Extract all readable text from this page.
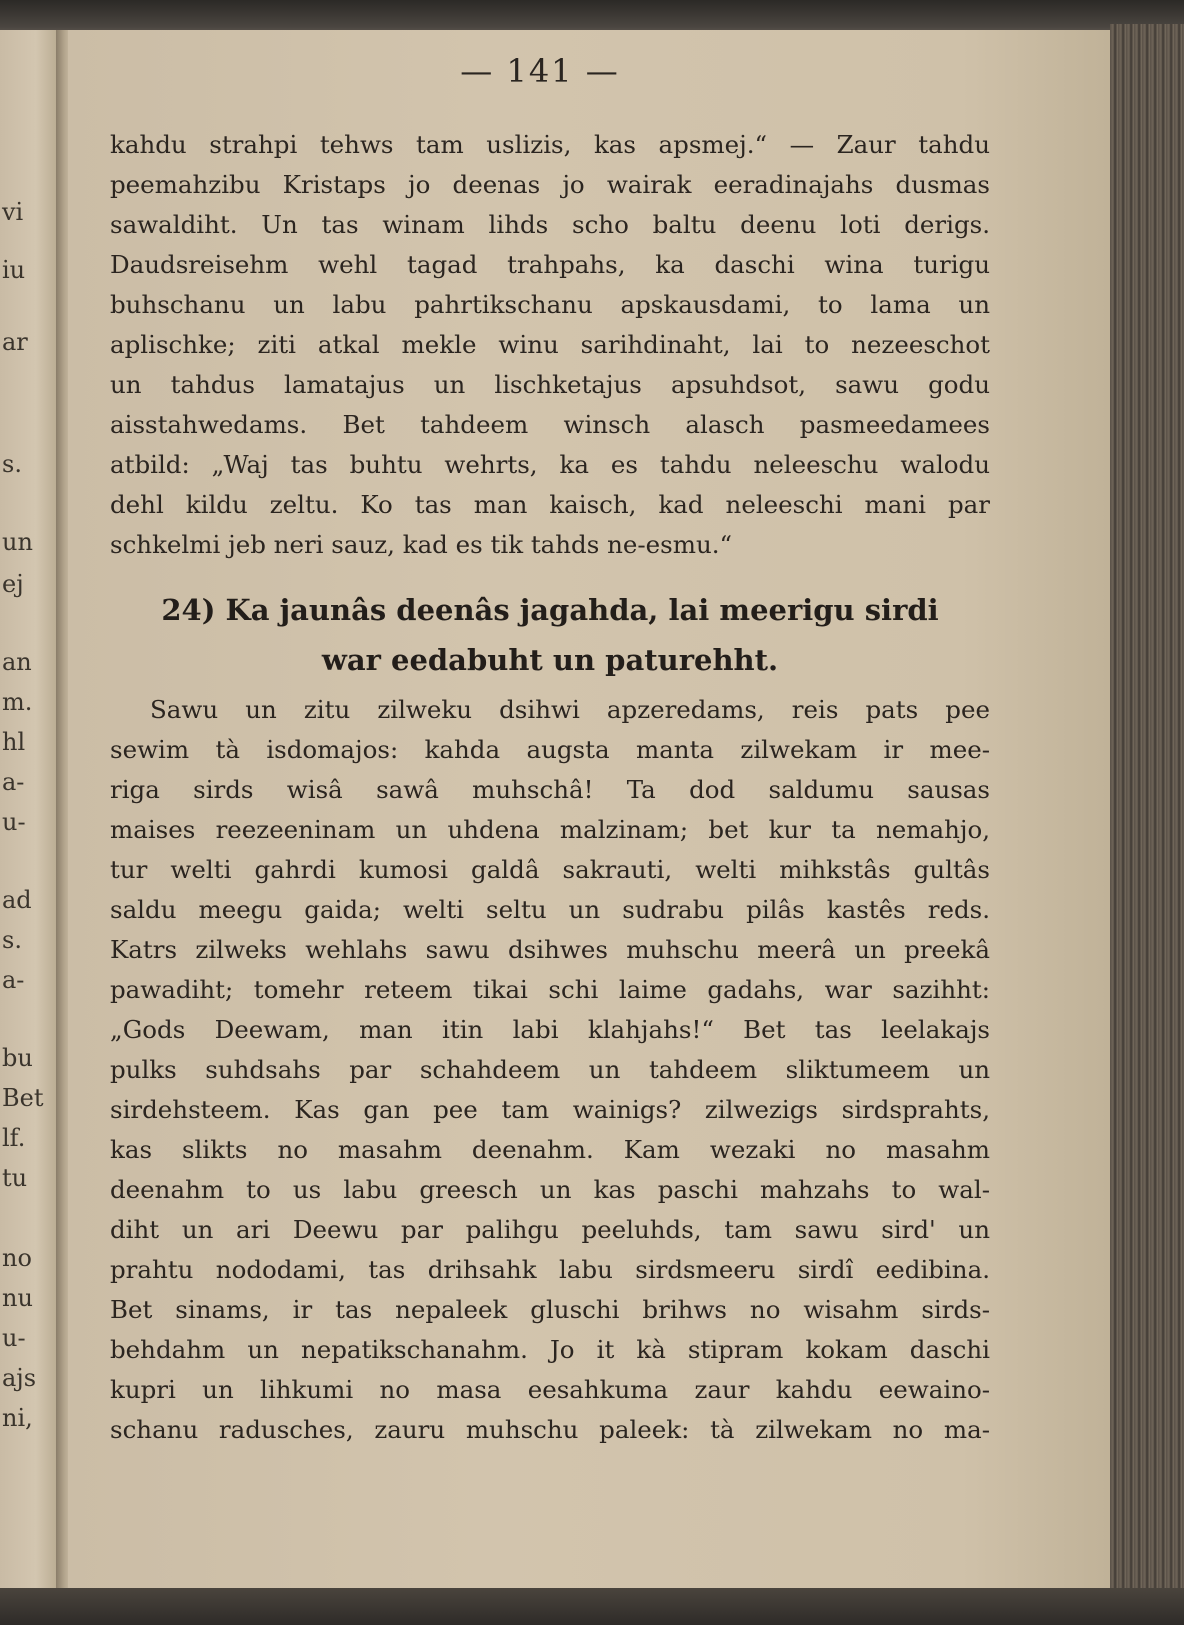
vi
iu
ar
s.
un
ej
an
m.
hl
a-
u-
ad
s.
a-
bu
Bet
lf.
tu
no
nu
u-
ajs
ni,
— 141 —
kahdu strahpi tehws tam uslizis, kas apsmej.“ — Zaur tahdu
peemahzibu Kristaps jo deenas jo wairak eeradinajahs dusmas
sawaldiht. Un tas winam lihds scho baltu deenu loti derigs.
Daudsreisehm wehl tagad trahpahs, ka daschi wina turigu
buhschanu un labu pahrtikschanu apskausdami, to lama un
aplischke; ziti atkal mekle winu sarihdinaht, lai to nezeeschot
un tahdus lamatajus un lischketajus apsuhdsot, sawu godu
aisstahwedams. Bet tahdeem winsch alasch pasmeedamees
atbild: „Waj tas buhtu wehrts, ka es tahdu neleeschu walodu
dehl kildu zeltu. Ko tas man kaisch, kad neleeschi mani par
schkelmi jeb neri sauz, kad es tik tahds ne-esmu.“
24) Ka jaunâs deenâs jagahda, lai meerigu sirdi
war eedabuht un paturehht.
Sawu un zitu zilweku dsihwi apzeredams, reis pats pee
sewim tà isdomajos: kahda augsta manta zilwekam ir mee-
riga sirds wisâ sawâ muhschâ! Ta dod saldumu sausas
maises reezeeninam un uhdena malzinam; bet kur ta nemahjo,
tur welti gahrdi kumosi galdâ sakrauti, welti mihkstâs gultâs
saldu meegu gaida; welti seltu un sudrabu pilâs kastês reds.
Katrs zilweks wehlahs sawu dsihwes muhschu meerâ un preekâ
pawadiht; tomehr reteem tikai schi laime gadahs, war sazihht:
„Gods Deewam, man itin labi klahjahs!“ Bet tas leelakajs
pulks suhdsahs par schahdeem un tahdeem sliktumeem un
sirdehsteem. Kas gan pee tam wainigs? zilwezigs sirdsprahts,
kas slikts no masahm deenahm. Kam wezaki no masahm
deenahm to us labu greesch un kas paschi mahzahs to wal-
diht un ari Deewu par palihgu peeluhds, tam sawu sird' un
prahtu nododami, tas drihsahk labu sirdsmeeru sirdî eedibina.
Bet sinams, ir tas nepaleek gluschi brihws no wisahm sirds-
behdahm un nepatikschanahm. Jo it kà stipram kokam daschi
kupri un lihkumi no masa eesahkuma zaur kahdu eewaino-
schanu radusches, zauru muhschu paleek: tà zilwekam no ma-
